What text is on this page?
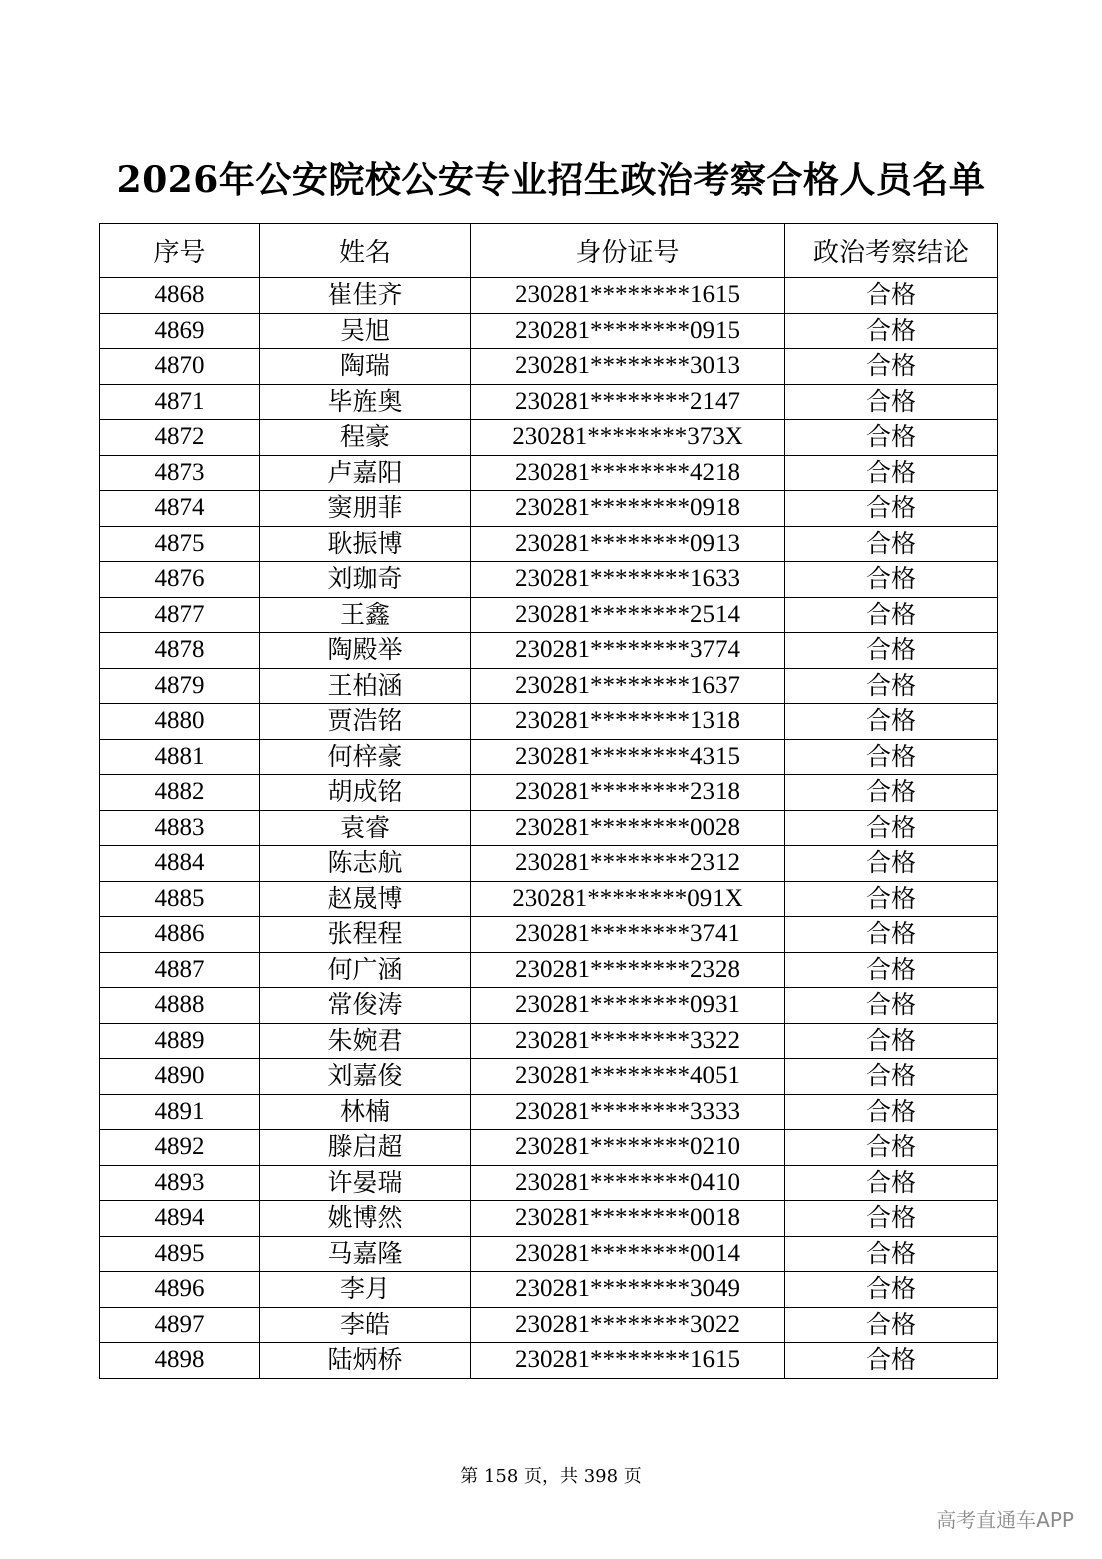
2026年公安院校公安专业招生政治考察合格人员名单
序号	姓名	身份证号	政治考察结论
4868	崔佳齐	230281********1615	合格
4869	吴旭	230281********0915	合格
4870	陶瑞	230281********3013	合格
4871	毕旌奥	230281********2147	合格
4872	程豪	230281********373X	合格
4873	卢嘉阳	230281********4218	合格
4874	窦朋菲	230281********0918	合格
4875	耿振博	230281********0913	合格
4876	刘珈奇	230281********1633	合格
4877	王鑫	230281********2514	合格
4878	陶殿举	230281********3774	合格
4879	王柏涵	230281********1637	合格
4880	贾浩铭	230281********1318	合格
4881	何梓豪	230281********4315	合格
4882	胡成铭	230281********2318	合格
4883	袁睿	230281********0028	合格
4884	陈志航	230281********2312	合格
4885	赵晟博	230281********091X	合格
4886	张程程	230281********3741	合格
4887	何广涵	230281********2328	合格
4888	常俊涛	230281********0931	合格
4889	朱婉君	230281********3322	合格
4890	刘嘉俊	230281********4051	合格
4891	林楠	230281********3333	合格
4892	滕启超	230281********0210	合格
4893	许晏瑞	230281********0410	合格
4894	姚博然	230281********0018	合格
4895	马嘉隆	230281********0014	合格
4896	李月	230281********3049	合格
4897	李皓	230281********3022	合格
4898	陆炳桥	230281********1615	合格
第 158 页，共 398 页
高考直通车APP
